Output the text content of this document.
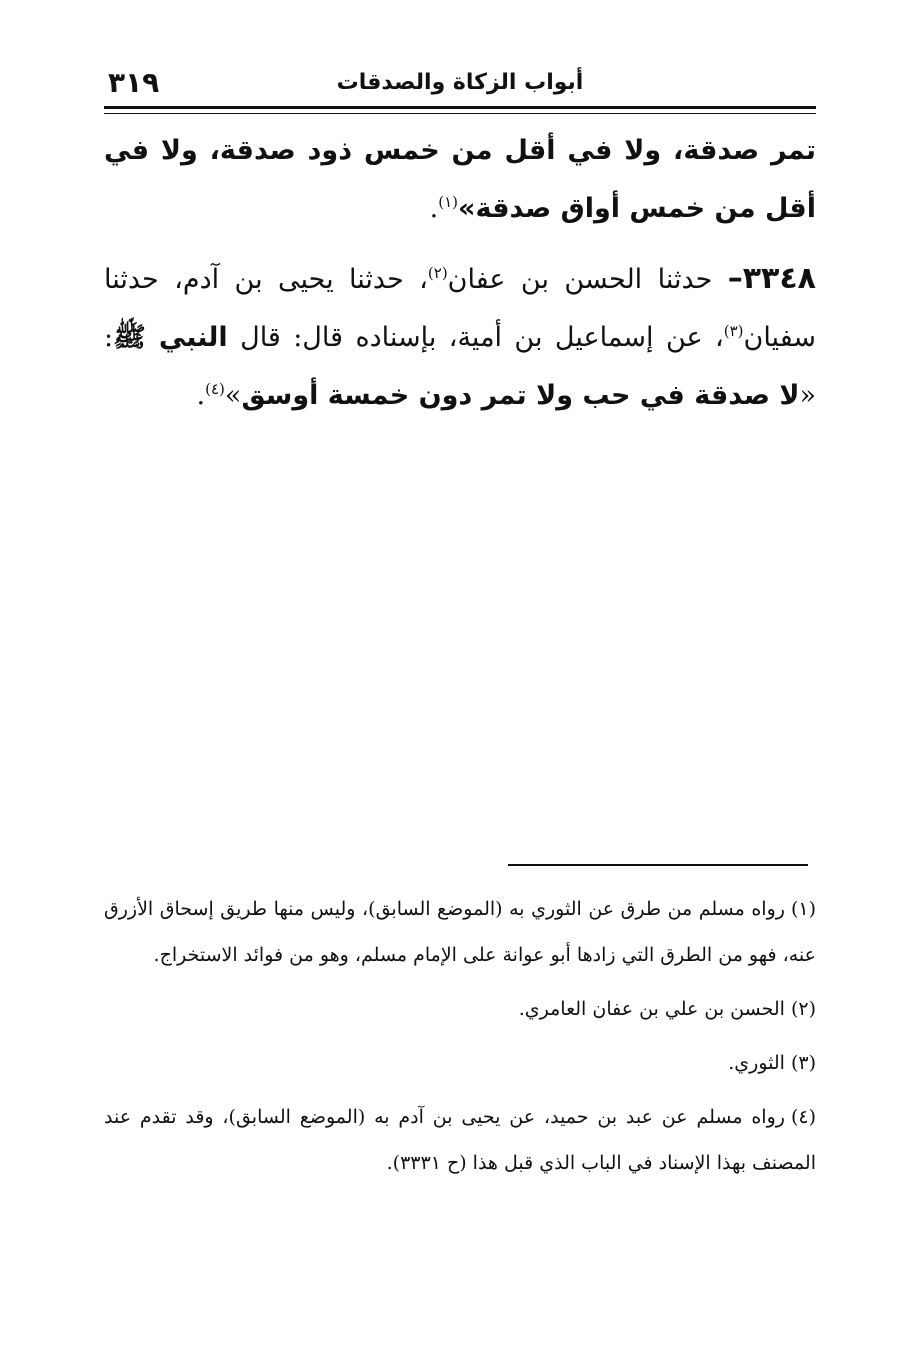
٣١٩	أبواب الزكاة والصدقات

تمر صدقة، ولا في أقل من خمس ذود صدقة، ولا في أقل من خمس أواق صدقة»$^{(١)}$.

٣٣٤٨– حدثنا الحسن بن عفان$^{(٢)}$، حدثنا يحيى بن آدم، حدثنا سفيان$^{(٣)}$، عن إسماعيل بن أمية، بإسناده قال: قال النبي ﷺ: «لا صدقة في حب ولا تمر دون خمسة أوسق»$^{(٤)}$.

(١)رواه مسلم من طرق عن الثوري به (الموضع السابق)، وليس منها طريق إسحاق الأزرق عنه، فهو من الطرق التي زادها أبو عوانة على الإمام مسلم، وهو من فوائد الاستخراج.

(٢)الحسن بن علي بن عفان العامري.

(٣)الثوري.

(٤)رواه مسلم عن عبد بن حميد، عن يحيى بن آدم به (الموضع السابق)، وقد تقدم عند المصنف بهذا الإسناد في الباب الذي قبل هذا (ح ٣٣٣١).
